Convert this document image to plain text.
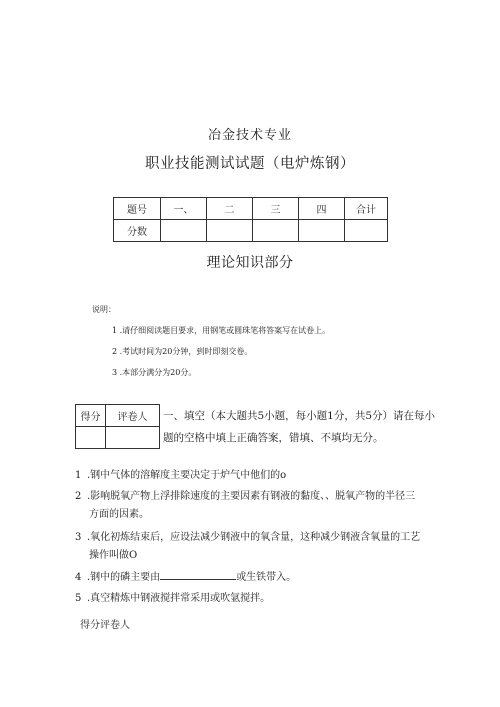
冶金技术专业
职业技能测试试题（电炉炼钢）
题号	一、	二	三	四	合计
分数					
理论知识部分
说明：
1 .请仔细阅读题目要求，用钢笔或圆珠笔将答案写在试卷上。
2 .考试时间为20分钟，到时即刻交卷。
3 .本部分满分为20分。
得分	评卷人
	一、填空（本大题共5小题，每小题1分，共5分）请在每小题的空格中填上正确答案，错填、不填均无分。
1 .钢中气体的溶解度主要决定于炉气中他们的o
2 .影响脱氧产物上浮排除速度的主要因素有钢液的黏度、、脱氧产物的半径三
方面的因素。
3 .氧化初炼结束后，应设法减少钢液中的氧含量，这种减少钢液含氧量的工艺
操作叫做O
4 .钢中的磷主要由	或生铁带入。
5 .真空精炼中钢液搅拌常采用或吹氩搅拌。
得分评卷人
